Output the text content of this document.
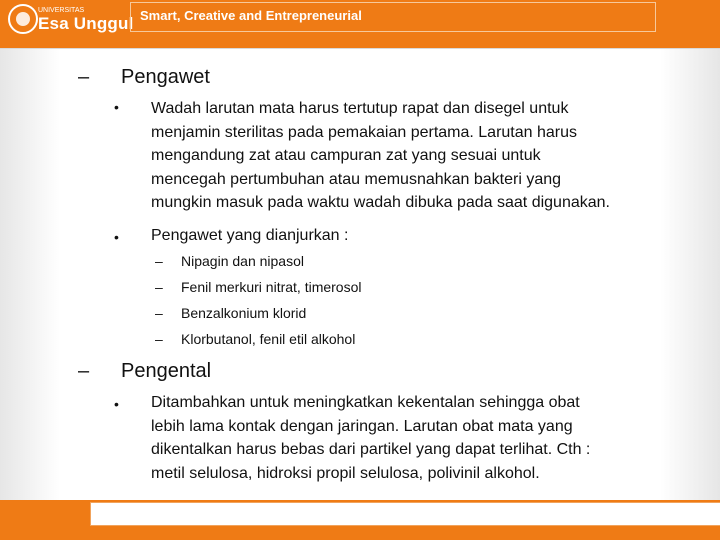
UNIVERSITAS
Esa Unggul Smart, Creative and Entrepreneurial
– Pengawet
• Wadah larutan mata harus tertutup rapat dan disegel untuk
menjamin sterilitas pada pemakaian pertama. Larutan harus
mengandung zat atau campuran zat yang sesuai untuk
mencegah pertumbuhan atau memusnahkan bakteri yang
mungkin masuk pada waktu wadah dibuka pada saat digunakan.
• Pengawet yang dianjurkan :
– Nipagin dan nipasol
– Fenil merkuri nitrat, timerosol
– Benzalkonium klorid
– Klorbutanol, fenil etil alkohol
– Pengental
• Ditambahkan untuk meningkatkan kekentalan sehingga obat
lebih lama kontak dengan jaringan. Larutan obat mata yang
dikentalkan harus bebas dari partikel yang dapat terlihat. Cth :
metil selulosa, hidroksi propil selulosa, polivinil alkohol.
